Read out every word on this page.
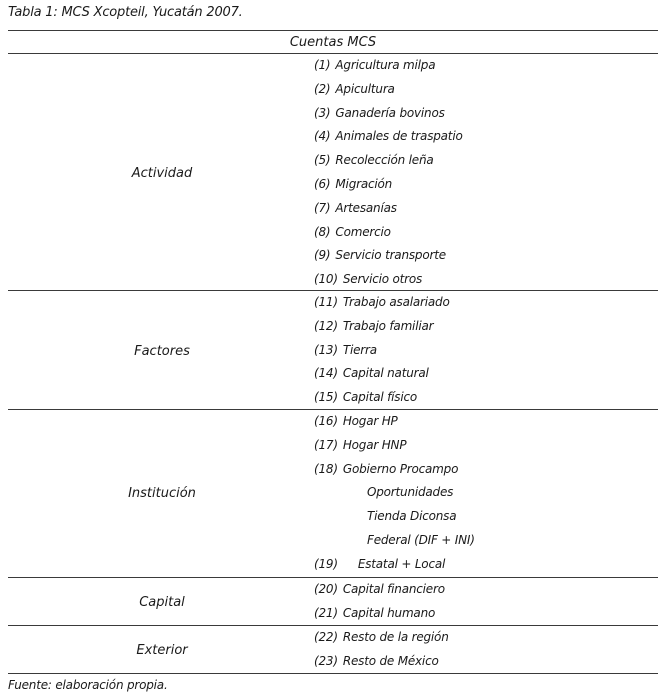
Tabla 1: MCS Xcopteil, Yucatán 2007.
Cuentas MCS
(1) Agricultura milpa
(2) Apicultura
(3) Ganadería bovinos
(4) Animales de traspatio
(5) Recolección leña
(6) Migración
(7) Artesanías
(8) Comercio
(9) Servicio transporte
(10) Servicio otros
Actividad
(11) Trabajo asalariado
(12) Trabajo familiar
(13) Tierra
(14) Capital natural
(15) Capital físico
Factores
(16) Hogar HP
(17) Hogar HNP
(18) Gobierno Procampo
Oportunidades
Tienda Diconsa
Federal (DIF + INI)
(19) Estatal + Local
Institución
(20) Capital financiero
(21) Capital humano
Capital
(22) Resto de la región
(23) Resto de México
Exterior
Fuente: elaboración propia.
